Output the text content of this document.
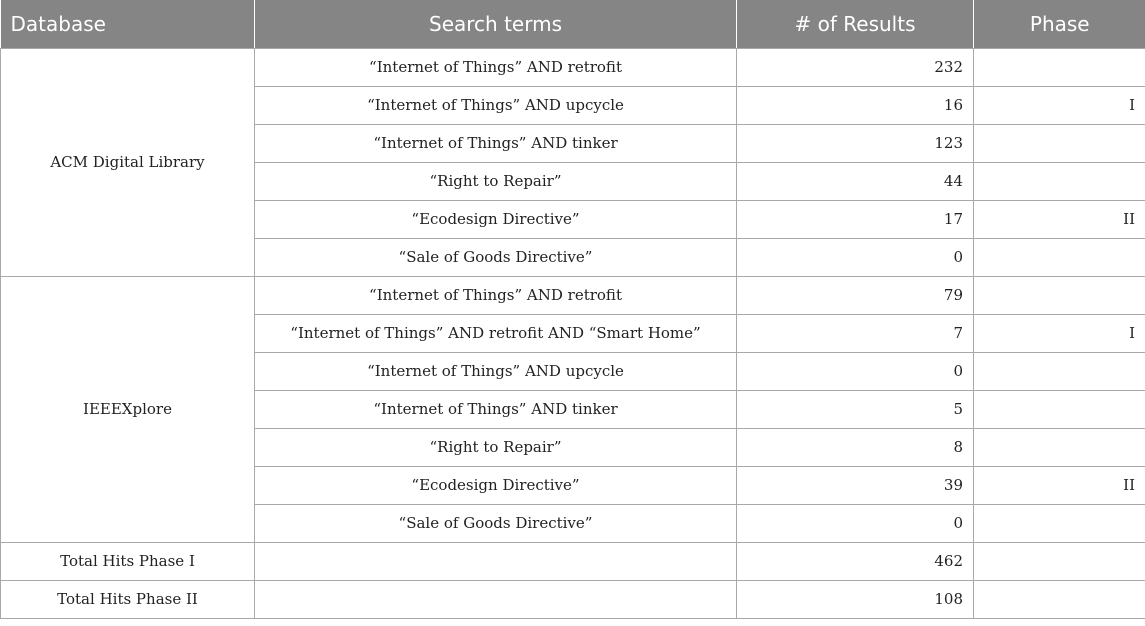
Database	Search terms	# of Results	Phase
ACM Digital Library	“Internet of Things” AND retrofit	232	
	“Internet of Things” AND upcycle	16	I
	“Internet of Things” AND tinker	123	
	“Right to Repair”	44	
	“Ecodesign Directive”	17	II
	“Sale of Goods Directive”	0	
IEEEXplore	“Internet of Things” AND retrofit	79	
	“Internet of Things” AND retrofit AND “Smart Home”	7	I
	“Internet of Things” AND upcycle	0	
	“Internet of Things” AND tinker	5	
	“Right to Repair”	8	
	“Ecodesign Directive”	39	II
	“Sale of Goods Directive”	0	
Total Hits Phase I		462	
Total Hits Phase II		108	
